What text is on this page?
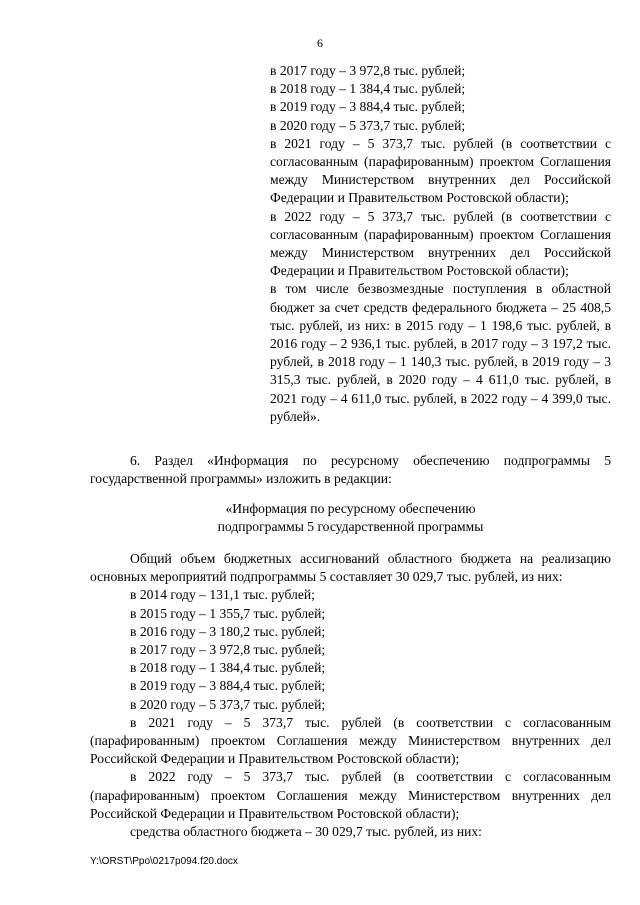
6

в 2017 году – 3 972,8 тыс. рублей;

в 2018 году – 1 384,4 тыс. рублей;

в 2019 году – 3 884,4 тыс. рублей;

в 2020 году – 5 373,7 тыс. рублей;

в 2021 году – 5 373,7 тыс. рублей (в соответствии с согласованным (парафированным) проектом Соглашения между Министерством внутренних дел Российской Федерации и Правительством Ростовской области);

в 2022 году – 5 373,7 тыс. рублей (в соответствии с согласованным (парафированным) проектом Соглашения между Министерством внутренних дел Российской Федерации и Правительством Ростовской области);

в том числе безвозмездные поступления в областной бюджет за счет средств федерального бюджета – 25 408,5 тыс. рублей, из них: в 2015 году – 1 198,6 тыс. рублей, в 2016 году – 2 936,1 тыс. рублей, в 2017 году – 3 197,2 тыс. рублей, в 2018 году – 1 140,3 тыс. рублей, в 2019 году – 3 315,3 тыс. рублей, в 2020 году – 4 611,0 тыс. рублей, в 2021 году – 4 611,0 тыс. рублей, в 2022 году – 4 399,0 тыс. рублей».

6. Раздел «Информация по ресурсному обеспечению подпрограммы 5 государственной программы» изложить в редакции:

«Информация по ресурсному обеспечению

подпрограммы 5 государственной программы

Общий объем бюджетных ассигнований областного бюджета на реализацию основных мероприятий подпрограммы 5 составляет 30 029,7 тыс. рублей, из них:

в 2014 году – 131,1 тыс. рублей;

в 2015 году – 1 355,7 тыс. рублей;

в 2016 году – 3 180,2 тыс. рублей;

в 2017 году – 3 972,8 тыс. рублей;

в 2018 году – 1 384,4 тыс. рублей;

в 2019 году – 3 884,4 тыс. рублей;

в 2020 году – 5 373,7 тыс. рублей;

в 2021 году – 5 373,7 тыс. рублей (в соответствии с согласованным (парафированным) проектом Соглашения между Министерством внутренних дел Российской Федерации и Правительством Ростовской области);

в 2022 году – 5 373,7 тыс. рублей (в соответствии с согласованным (парафированным) проектом Соглашения между Министерством внутренних дел Российской Федерации и Правительством Ростовской области);

средства областного бюджета – 30 029,7 тыс. рублей, из них:

Y:\ORST\Ppo\0217p094.f20.docx
